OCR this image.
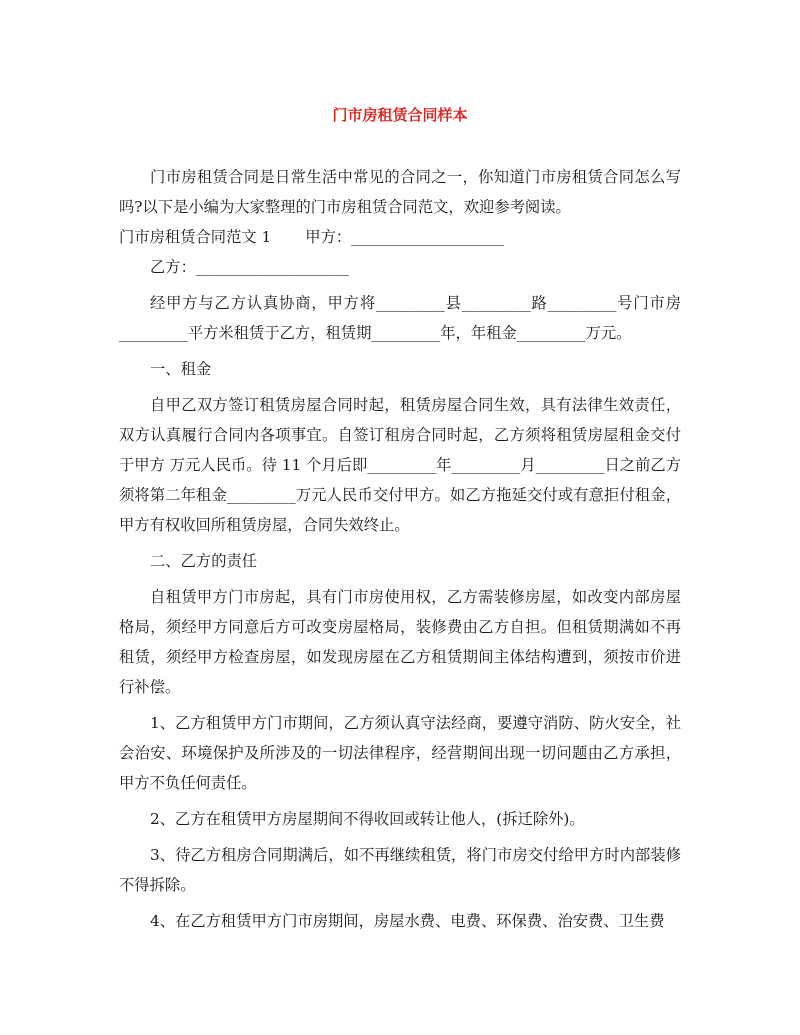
门市房租赁合同样本

门市房租赁合同是日常生活中常见的合同之一，你知道门市房租赁合同怎么写吗?以下是小编为大家整理的门市房租赁合同范文，欢迎参考阅读。

门市房租赁合同范文 1 甲方：____________________

乙方：____________________

经甲方与乙方认真协商，甲方将_________县_________路_________号门市房_________平方米租赁于乙方，租赁期_________年，年租金_________万元。

一、租金

自甲乙双方签订租赁房屋合同时起，租赁房屋合同生效，具有法律生效责任，双方认真履行合同内各项事宜。自签订租房合同时起，乙方须将租赁房屋租金交付于甲方 万元人民币。待 11 个月后即_________年_________月_________日之前乙方须将第二年租金_________万元人民币交付甲方。如乙方拖延交付或有意拒付租金，甲方有权收回所租赁房屋，合同失效终止。

二、乙方的责任

自租赁甲方门市房起，具有门市房使用权，乙方需装修房屋，如改变内部房屋格局，须经甲方同意后方可改变房屋格局，装修费由乙方自担。但租赁期满如不再租赁，须经甲方检查房屋，如发现房屋在乙方租赁期间主体结构遭到，须按市价进行补偿。

1、乙方租赁甲方门市期间，乙方须认真守法经商，要遵守消防、防火安全，社会治安、环境保护及所涉及的一切法律程序，经营期间出现一切问题由乙方承担，甲方不负任何责任。

2、乙方在租赁甲方房屋期间不得收回或转让他人，(拆迁除外)。

3、待乙方租房合同期满后，如不再继续租赁，将门市房交付给甲方时内部装修不得拆除。

4、在乙方租赁甲方门市房期间，房屋水费、电费、环保费、治安费、卫生费
